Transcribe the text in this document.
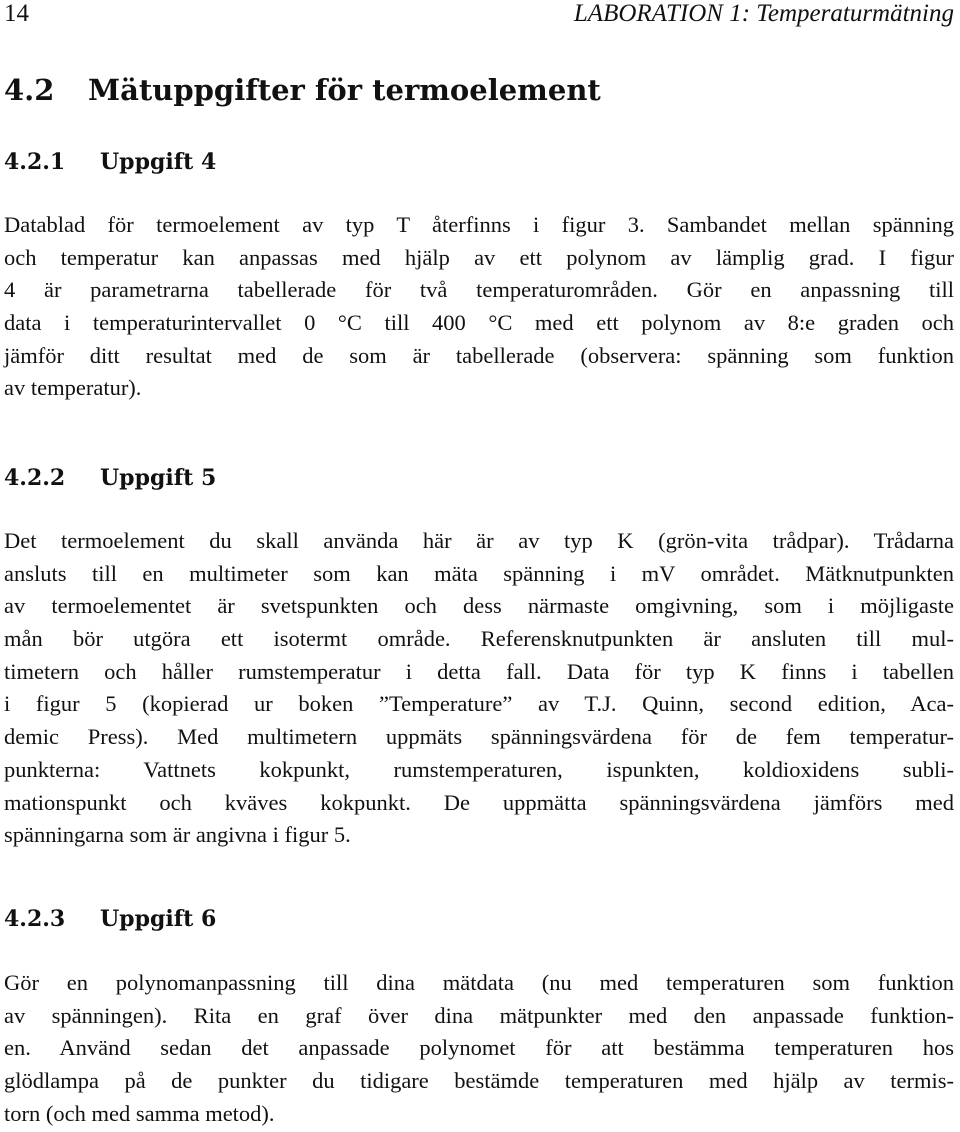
14	LABORATION 1: Temperaturmätning
4.2 Mätuppgifter för termoelement
4.2.1 Uppgift 4
Datablad för termoelement av typ T återfinns i figur 3. Sambandet mellan spänning
och temperatur kan anpassas med hjälp av ett polynom av lämplig grad. I figur
4 är parametrarna tabellerade för två temperaturområden. Gör en anpassning till
data i temperaturintervallet 0 °C till 400 °C med ett polynom av 8:e graden och
jämför ditt resultat med de som är tabellerade (observera: spänning som funktion
av temperatur).
4.2.2 Uppgift 5
Det termoelement du skall använda här är av typ K (grön-vita trådpar). Trådarna
ansluts till en multimeter som kan mäta spänning i mV området. Mätknutpunkten
av termoelementet är svetspunkten och dess närmaste omgivning, som i möjligaste
mån bör utgöra ett isotermt område. Referensknutpunkten är ansluten till mul-
timetern och håller rumstemperatur i detta fall. Data för typ K finns i tabellen
i figur 5 (kopierad ur boken ”Temperature” av T.J. Quinn, second edition, Aca-
demic Press). Med multimetern uppmäts spänningsvärdena för de fem temperatur-
punkterna: Vattnets kokpunkt, rumstemperaturen, ispunkten, koldioxidens subli-
mationspunkt och kväves kokpunkt. De uppmätta spänningsvärdena jämförs med
spänningarna som är angivna i figur 5.
4.2.3 Uppgift 6
Gör en polynomanpassning till dina mätdata (nu med temperaturen som funktion
av spänningen). Rita en graf över dina mätpunkter med den anpassade funktion-
en. Använd sedan det anpassade polynomet för att bestämma temperaturen hos
glödlampa på de punkter du tidigare bestämde temperaturen med hjälp av termis-
torn (och med samma metod).
